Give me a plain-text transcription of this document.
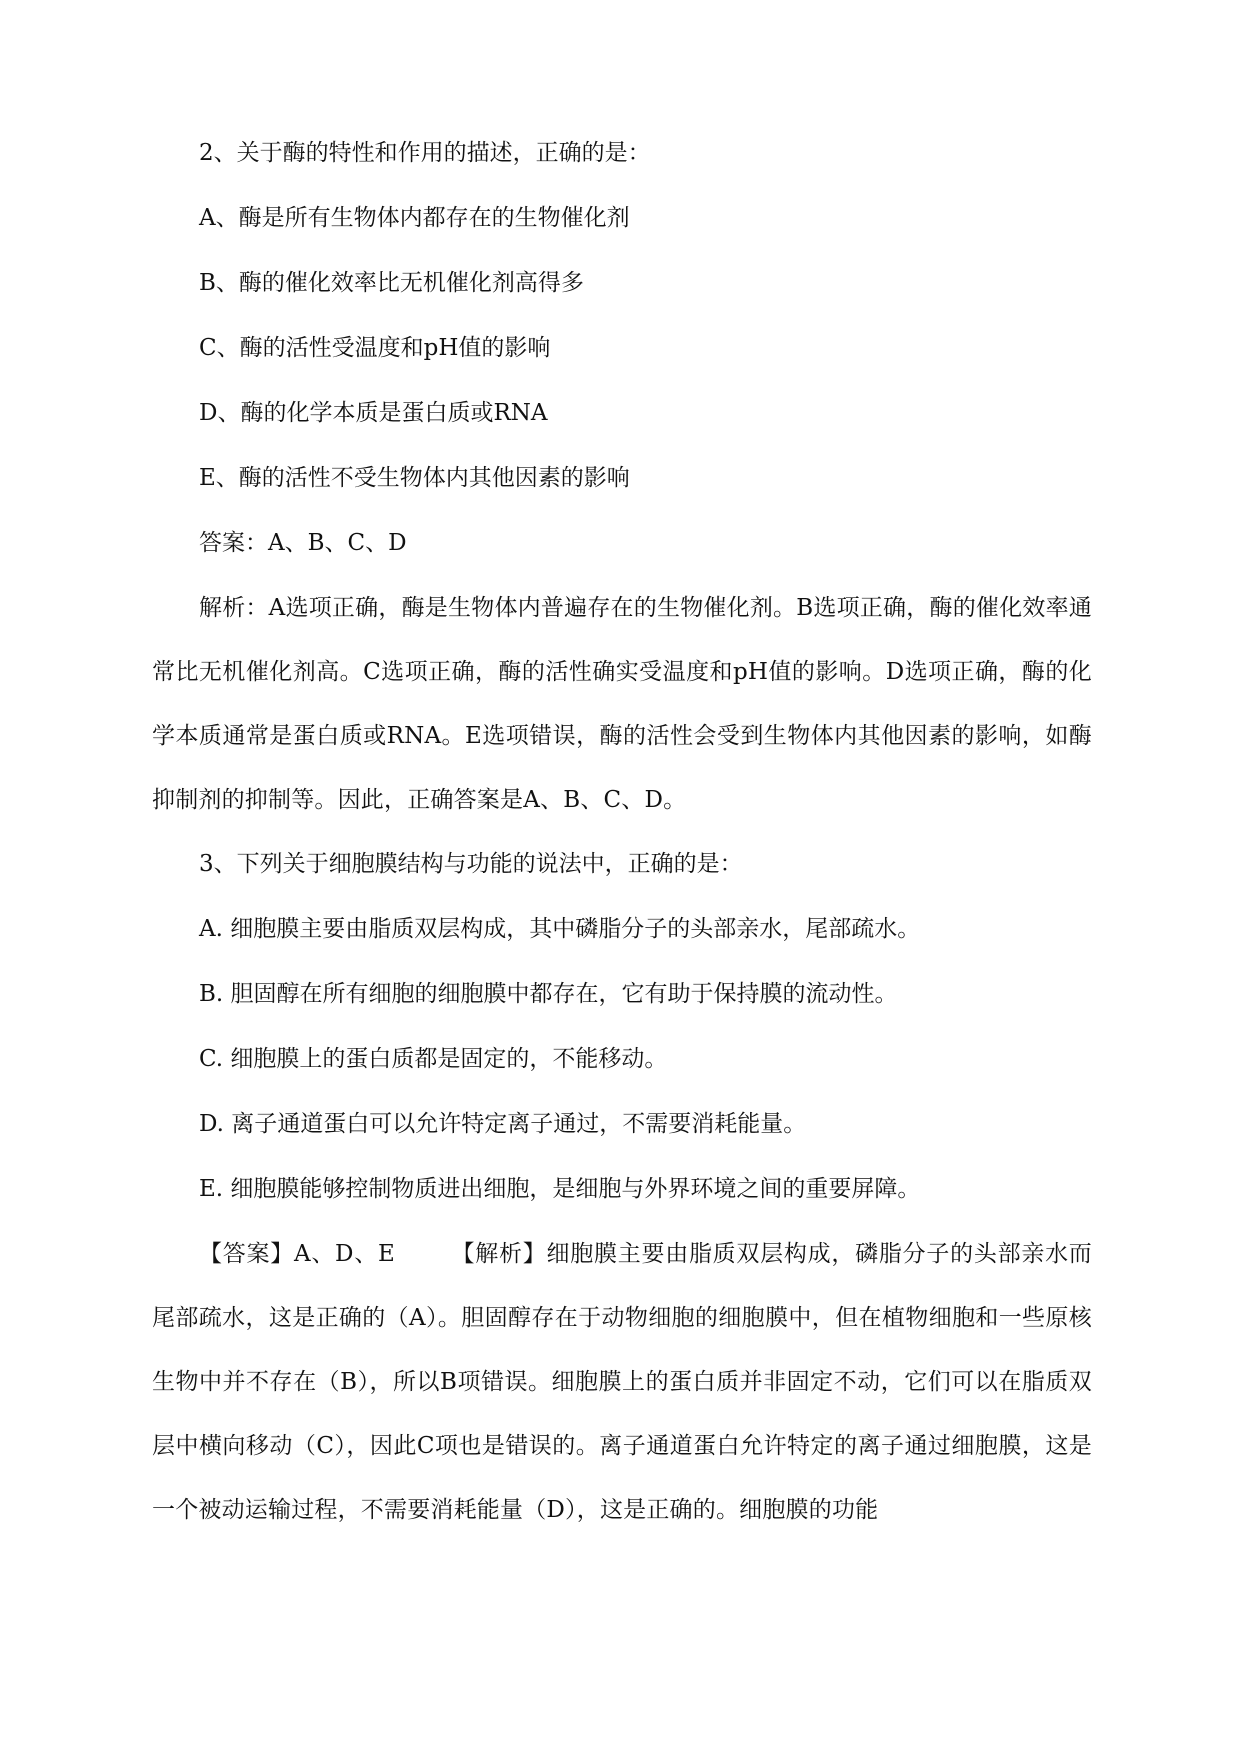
2、关于酶的特性和作用的描述，正确的是：
A、酶是所有生物体内都存在的生物催化剂
B、酶的催化效率比无机催化剂高得多
C、酶的活性受温度和pH值的影响
D、酶的化学本质是蛋白质或RNA
E、酶的活性不受生物体内其他因素的影响
答案：A、B、C、D
解析：A选项正确，酶是生物体内普遍存在的生物催化剂。B选项正确，酶的催化效率通常比无机催化剂高。C选项正确，酶的活性确实受温度和pH值的影响。D选项正确，酶的化学本质通常是蛋白质或RNA。E选项错误，酶的活性会受到生物体内其他因素的影响，如酶抑制剂的抑制等。因此，正确答案是A、B、C、D。
3、下列关于细胞膜结构与功能的说法中，正确的是：
A. 细胞膜主要由脂质双层构成，其中磷脂分子的头部亲水，尾部疏水。
B. 胆固醇在所有细胞的细胞膜中都存在，它有助于保持膜的流动性。
C. 细胞膜上的蛋白质都是固定的，不能移动。
D. 离子通道蛋白可以允许特定离子通过，不需要消耗能量。
E. 细胞膜能够控制物质进出细胞，是细胞与外界环境之间的重要屏障。
【答案】A、D、E 【解析】细胞膜主要由脂质双层构成，磷脂分子的头部亲水而尾部疏水，这是正确的（A）。胆固醇存在于动物细胞的细胞膜中，但在植物细胞和一些原核生物中并不存在（B），所以B项错误。细胞膜上的蛋白质并非固定不动，它们可以在脂质双层中横向移动（C），因此C项也是错误的。离子通道蛋白允许特定的离子通过细胞膜，这是一个被动运输过程，不需要消耗能量（D），这是正确的。细胞膜的功能
